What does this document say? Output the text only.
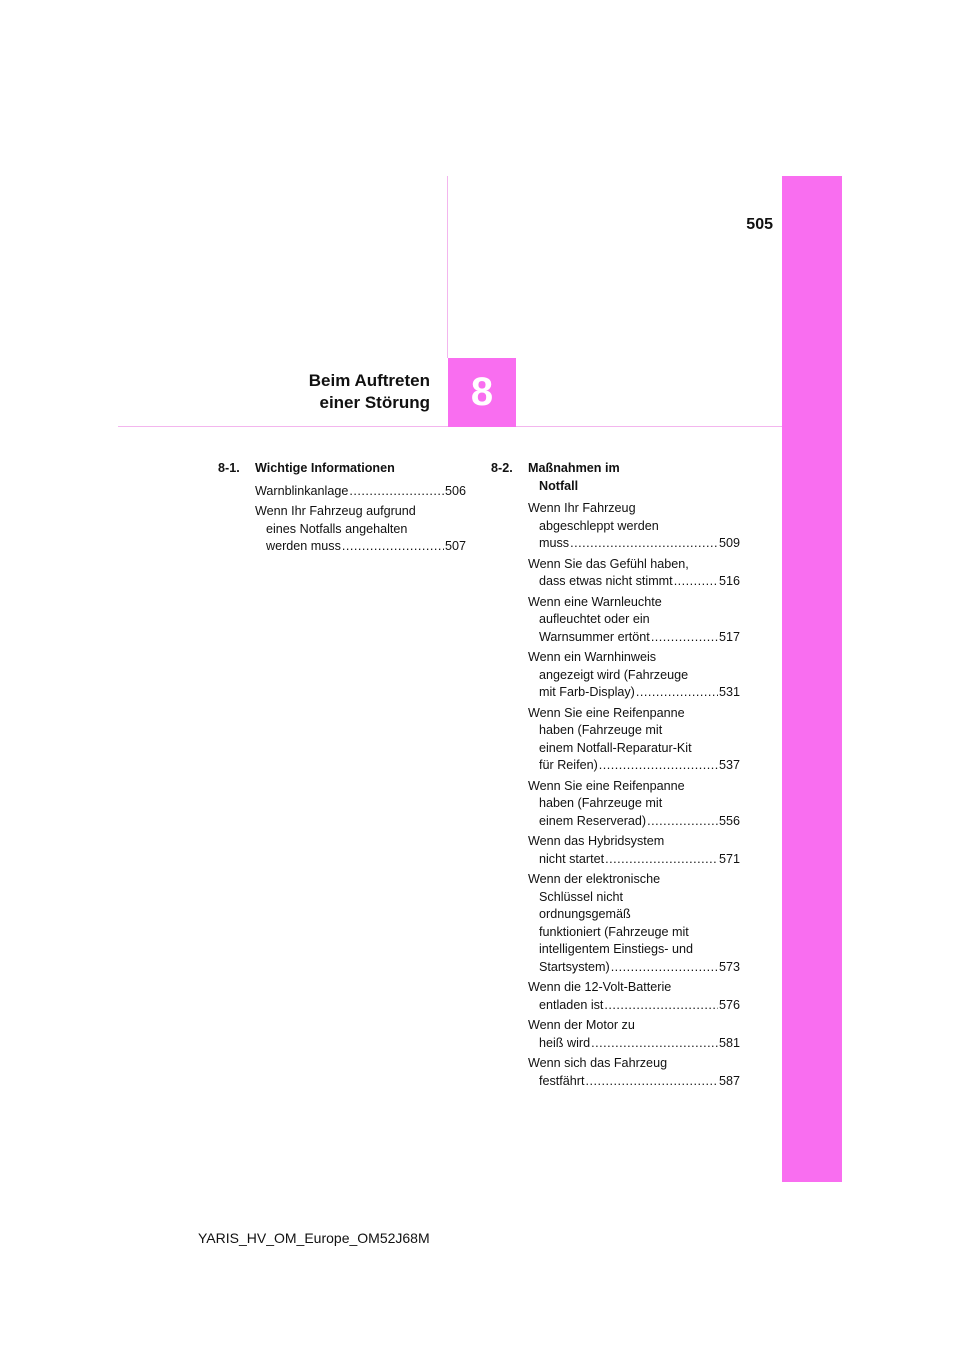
505
Beim Auftreten
einer Störung	8
8-1.	Wichtige Informationen
Warnblinkanlage .....	506
Wenn Ihr Fahrzeug aufgrund
eines Notfalls angehalten
werden muss .....	507
8-2.	Maßnahmen im
Notfall
Wenn Ihr Fahrzeug
abgeschleppt werden
muss .....	509
Wenn Sie das Gefühl haben,
dass etwas nicht stimmt .....	516
Wenn eine Warnleuchte
aufleuchtet oder ein
Warnsummer ertönt .....	517
Wenn ein Warnhinweis
angezeigt wird (Fahrzeuge
mit Farb-Display) .....	531
Wenn Sie eine Reifenpanne
haben (Fahrzeuge mit
einem Notfall-Reparatur-Kit
für Reifen) .....	537
Wenn Sie eine Reifenpanne
haben (Fahrzeuge mit
einem Reserverad) .....	556
Wenn das Hybridsystem
nicht startet .....	571
Wenn der elektronische
Schlüssel nicht
ordnungsgemäß
funktioniert (Fahrzeuge mit
intelligentem Einstiegs- und
Startsystem) .....	573
Wenn die 12-Volt-Batterie
entladen ist .....	576
Wenn der Motor zu
heiß wird .....	581
Wenn sich das Fahrzeug
festfährt .....	587
YARIS_HV_OM_Europe_OM52J68M
